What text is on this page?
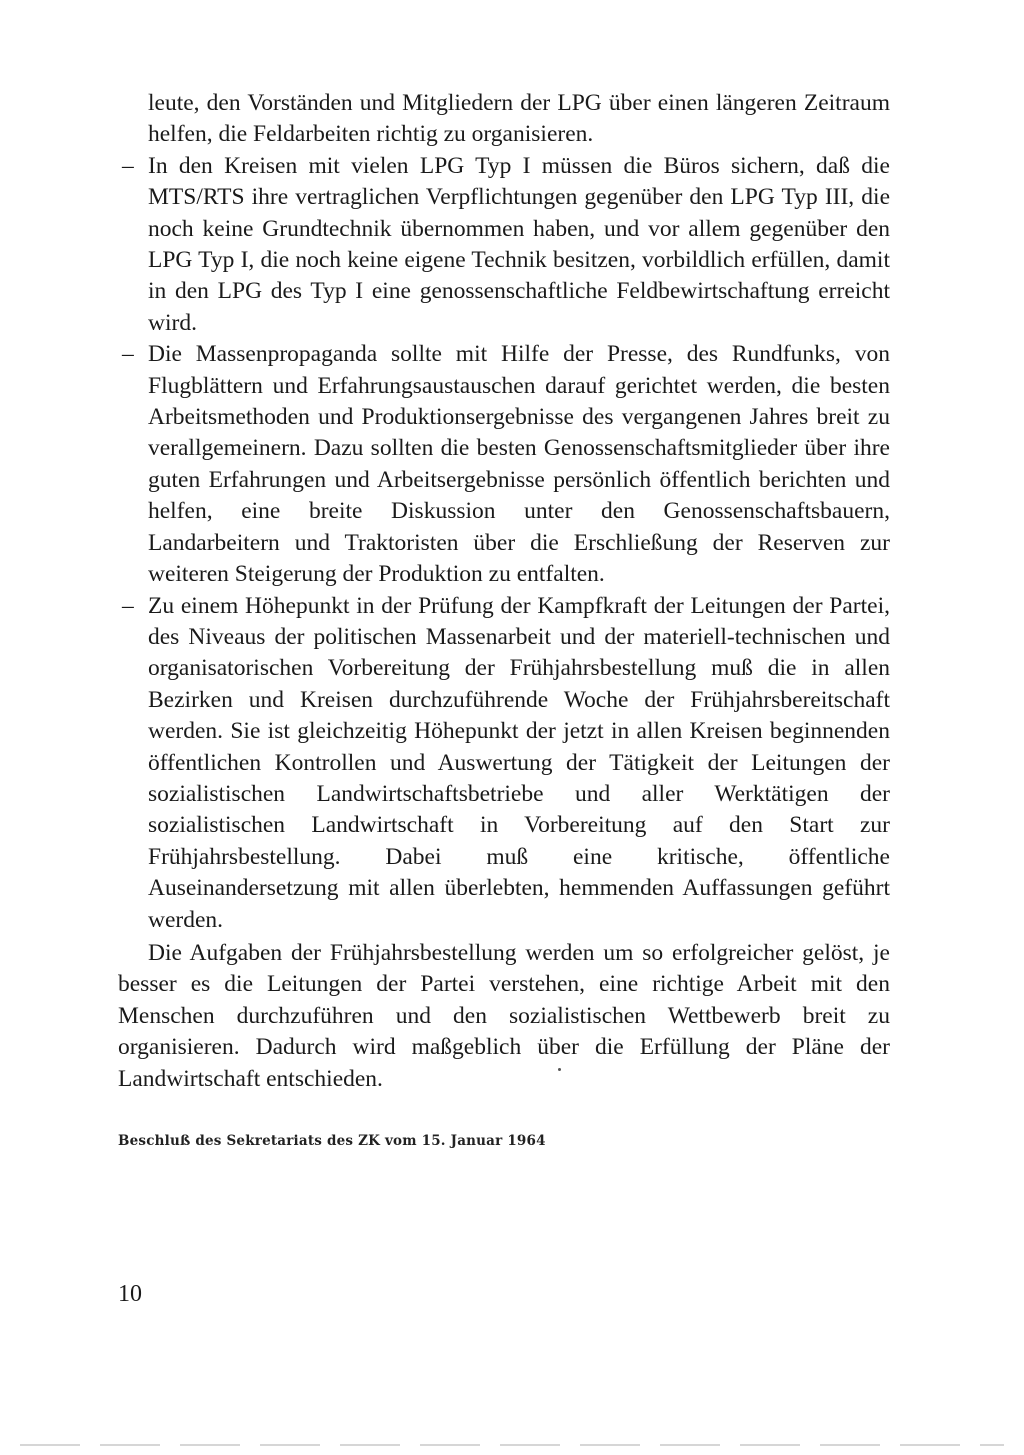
leute, den Vorständen und Mitgliedern der LPG über einen längeren Zeitraum helfen, die Feldarbeiten richtig zu organisieren.

– In den Kreisen mit vielen LPG Typ I müssen die Büros sichern, daß die MTS/RTS ihre vertraglichen Verpflichtungen gegenüber den LPG Typ III, die noch keine Grundtechnik übernommen haben, und vor allem gegenüber den LPG Typ I, die noch keine eigene Technik besitzen, vorbildlich erfüllen, damit in den LPG des Typ I eine genossenschaftliche Feldbewirtschaftung erreicht wird.
– Die Massenpropaganda sollte mit Hilfe der Presse, des Rundfunks, von Flugblättern und Erfahrungsaustauschen darauf gerichtet werden, die besten Arbeitsmethoden und Produktionsergebnisse des vergangenen Jahres breit zu verallgemeinern. Dazu sollten die besten Genossenschaftsmitglieder über ihre guten Erfahrungen und Arbeitsergebnisse persönlich öffentlich berichten und helfen, eine breite Diskussion unter den Genossenschaftsbauern, Landarbeitern und Traktoristen über die Erschließung der Reserven zur weiteren Steigerung der Produktion zu entfalten.
– Zu einem Höhepunkt in der Prüfung der Kampfkraft der Leitungen der Partei, des Niveaus der politischen Massenarbeit und der materiell-technischen und organisatorischen Vorbereitung der Frühjahrsbestellung muß die in allen Bezirken und Kreisen durchzuführende Woche der Frühjahrsbereitschaft werden. Sie ist gleichzeitig Höhepunkt der jetzt in allen Kreisen beginnenden öffentlichen Kontrollen und Auswertung der Tätigkeit der Leitungen der sozialistischen Landwirtschaftsbetriebe und aller Werktätigen der sozialistischen Landwirtschaft in Vorbereitung auf den Start zur Frühjahrsbestellung. Dabei muß eine kritische, öffentliche Auseinandersetzung mit allen überlebten, hemmenden Auffassungen geführt werden.

Die Aufgaben der Frühjahrsbestellung werden um so erfolgreicher gelöst, je besser es die Leitungen der Partei verstehen, eine richtige Arbeit mit den Menschen durchzuführen und den sozialistischen Wettbewerb breit zu organisieren. Dadurch wird maßgeblich über die Erfüllung der Pläne der Landwirtschaft entschieden.

Beschluß des Sekretariats des ZK vom 15. Januar 1964
10
